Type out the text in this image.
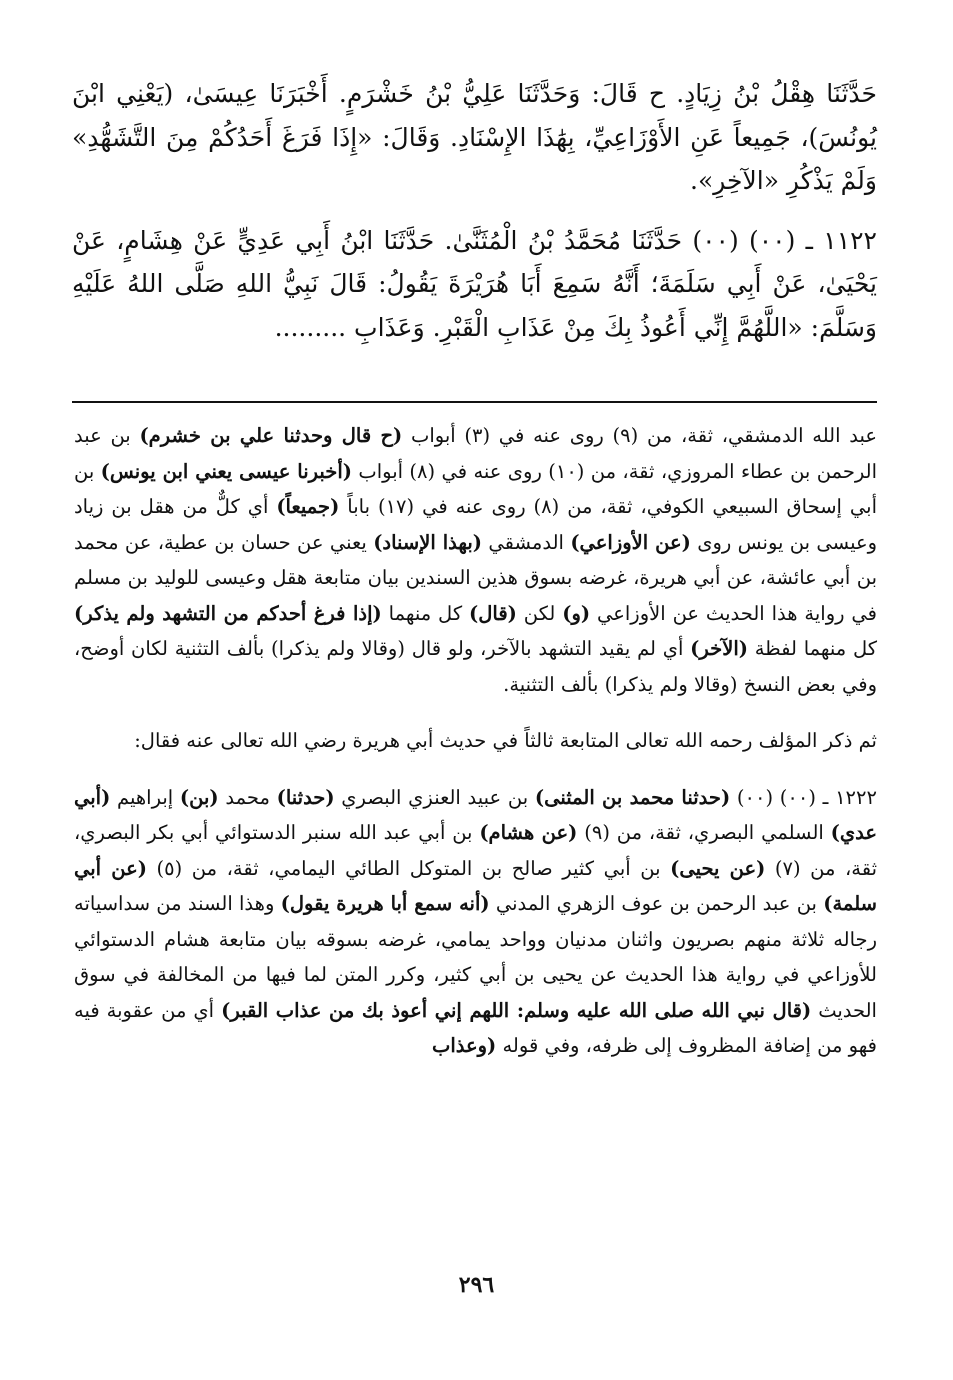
حَدَّثَنَا هِقْلُ بْنُ زِيَادٍ. ح قَالَ: وَحَدَّثَنَا عَلِيُّ بْنُ خَشْرَمٍ. أَخْبَرَنَا عِيسَىٰ، (يَعْنِي ابْنَ يُونُسَ)، جَمِيعاً عَنِ الأَوْزَاعِيِّ، بِهَٰذَا الإِسْنَادِ. وَقَالَ: «إِذَا فَرَغَ أَحَدُكُمْ مِنَ التَّشَهُّدِ» وَلَمْ يَذْكُرِ «الآخِرِ».

١١٢٢ ـ (٠٠) (٠٠) حَدَّثَنَا مُحَمَّدُ بْنُ الْمُثَنَّىٰ. حَدَّثَنَا ابْنُ أَبِي عَدِيٍّ عَنْ هِشَامٍ، عَنْ يَحْيَىٰ، عَنْ أَبِي سَلَمَةَ؛ أَنَّهُ سَمِعَ أَبَا هُرَيْرَةَ يَقُولُ: قَالَ نَبِيُّ اللهِ صَلَّى اللهُ عَلَيْهِ وَسَلَّمَ: «اللَّهُمَّ إِنِّي أَعُوذُ بِكَ مِنْ عَذَابِ الْقَبْرِ. وَعَذَابِ .........

عبد الله الدمشقي، ثقة، من (٩) روى عنه في (٣) أبواب (ح قال وحدثنا علي بن خشرم) بن عبد الرحمن بن عطاء المروزي، ثقة، من (١٠) روى عنه في (٨) أبواب (أخبرنا عيسى يعني ابن يونس) بن أبي إسحاق السبيعي الكوفي، ثقة، من (٨) روى عنه في (١٧) باباً (جميعاً) أي كلٌّ من هقل بن زياد وعيسى بن يونس روى (عن الأوزاعي) الدمشقي (بهذا الإسناد) يعني عن حسان بن عطية، عن محمد بن أبي عائشة، عن أبي هريرة، غرضه بسوق هذين السندين بيان متابعة هقل وعيسى للوليد بن مسلم في رواية هذا الحديث عن الأوزاعي (و) لكن (قال) كل منهما (إذا فرغ أحدكم من التشهد ولم يذكر) كل منهما لفظة (الآخر) أي لم يقيد التشهد بالآخر، ولو قال (وقالا ولم يذكرا) بألف التثنية لكان أوضح، وفي بعض النسخ (وقالا ولم يذكرا) بألف التثنية.

ثم ذكر المؤلف رحمه الله تعالى المتابعة ثالثاً في حديث أبي هريرة رضي الله تعالى عنه فقال:

١٢٢٢ ـ (٠٠) (٠٠) (حدثنا محمد بن المثنى) بن عبيد العنزي البصري (حدثنا) محمد (بن) إبراهيم (أبي عدي) السلمي البصري، ثقة، من (٩) (عن هشام) بن أبي عبد الله سنبر الدستوائي أبي بكر البصري، ثقة، من (٧) (عن يحيى) بن أبي كثير صالح بن المتوكل الطائي اليمامي، ثقة، من (٥) (عن أبي سلمة) بن عبد الرحمن بن عوف الزهري المدني (أنه سمع أبا هريرة يقول) وهذا السند من سداسياته رجاله ثلاثة منهم بصريون واثنان مدنيان وواحد يمامي، غرضه بسوقه بيان متابعة هشام الدستوائي للأوزاعي في رواية هذا الحديث عن يحيى بن أبي كثير، وكرر المتن لما فيها من المخالفة في سوق الحديث (قال نبي الله صلى الله عليه وسلم: اللهم إني أعوذ بك من عذاب القبر) أي من عقوبة فيه فهو من إضافة المظروف إلى ظرفه، وفي قوله (وعذاب

٢٩٦
